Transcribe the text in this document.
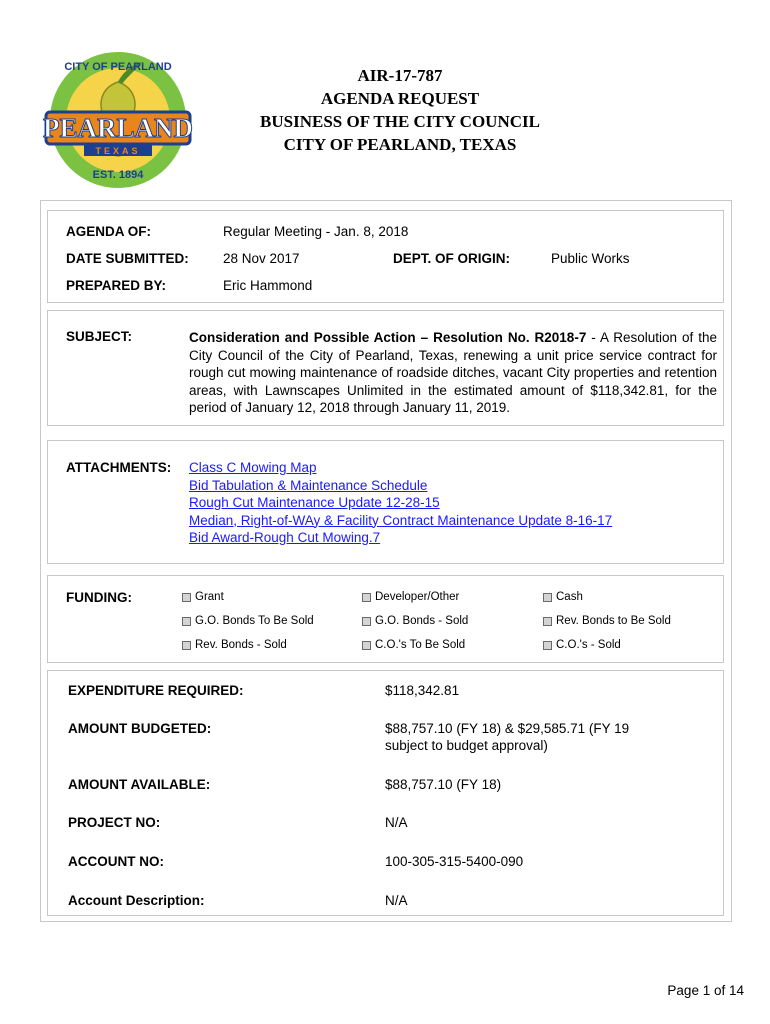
CITY OF PEARLAND
PEARLAND
TEXAS
EST. 1894
AIR-17-787
AGENDA REQUEST
BUSINESS OF THE CITY COUNCIL
CITY OF PEARLAND, TEXAS
AGENDA OF:	Regular Meeting - Jan. 8, 2018
DATE SUBMITTED:	28 Nov 2017	DEPT. OF ORIGIN:	Public Works
PREPARED BY:	Eric Hammond
SUBJECT:	Consideration and Possible Action – Resolution No. R2018-7 - A Resolution of the City Council of the City of Pearland, Texas, renewing a unit price service contract for rough cut mowing maintenance of roadside ditches, vacant City properties and retention areas, with Lawnscapes Unlimited in the estimated amount of $118,342.81, for the period of January 12, 2018 through January 11, 2019.
ATTACHMENTS: Class C Mowing Map
Bid Tabulation & Maintenance Schedule
Rough Cut Maintenance Update 12-28-15
Median, Right-of-WAy & Facility Contract Maintenance Update 8-16-17
Bid Award-Rough Cut Mowing.7
FUNDING:	Grant	Developer/Other	Cash
G.O. Bonds To Be Sold	G.O. Bonds - Sold	Rev. Bonds to Be Sold
Rev. Bonds - Sold	C.O.'s To Be Sold	C.O.'s - Sold
EXPENDITURE REQUIRED:	$118,342.81
AMOUNT BUDGETED:	$88,757.10 (FY 18) & $29,585.71 (FY 19
subject to budget approval)
AMOUNT AVAILABLE:	$88,757.10 (FY 18)
PROJECT NO:	N/A
ACCOUNT NO:	100-305-315-5400-090
Account Description:	N/A
Page 1 of 14
